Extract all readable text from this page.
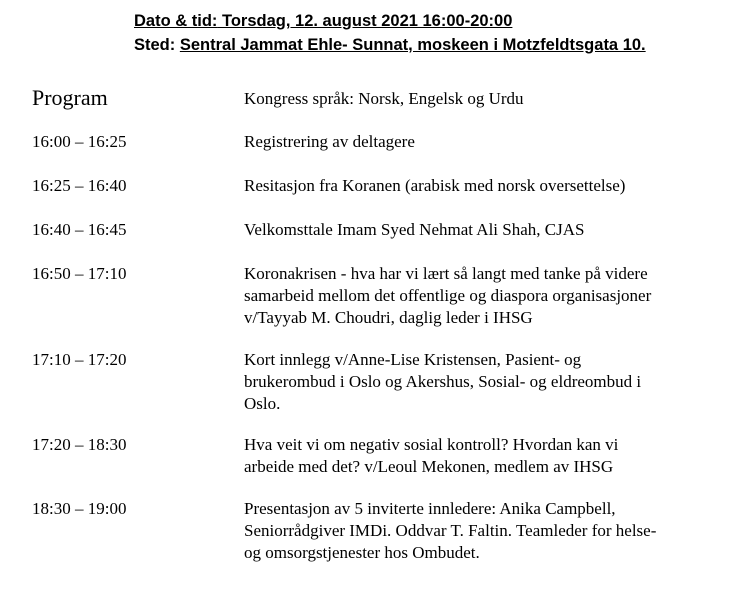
Dato & tid: Torsdag, 12. august 2021 16:00-20:00
Sted: Sentral Jammat Ehle- Sunnat, moskeen i Motzfeldtsgata 10.
Program	Kongress språk: Norsk, Engelsk og Urdu
16:00 – 16:25	Registrering av deltagere
16:25 – 16:40	Resitasjon fra Koranen (arabisk med norsk oversettelse)
16:40 – 16:45	Velkomsttale Imam Syed Nehmat Ali Shah, CJAS
16:50 – 17:10	Koronakrisen - hva har vi lært så langt med tanke på videre
samarbeid mellom det offentlige og diaspora organisasjoner
v/Tayyab M. Choudri, daglig leder i IHSG
17:10 – 17:20	Kort innlegg v/Anne-Lise Kristensen, Pasient- og
brukerombud i Oslo og Akershus, Sosial- og eldreombud i
Oslo.
17:20 – 18:30	Hva veit vi om negativ sosial kontroll? Hvordan kan vi
arbeide med det? v/Leoul Mekonen, medlem av IHSG
18:30 – 19:00	Presentasjon av 5 inviterte innledere: Anika Campbell,
Seniorrådgiver IMDi. Oddvar T. Faltin. Teamleder for helse-
og omsorgstjenester hos Ombudet.
